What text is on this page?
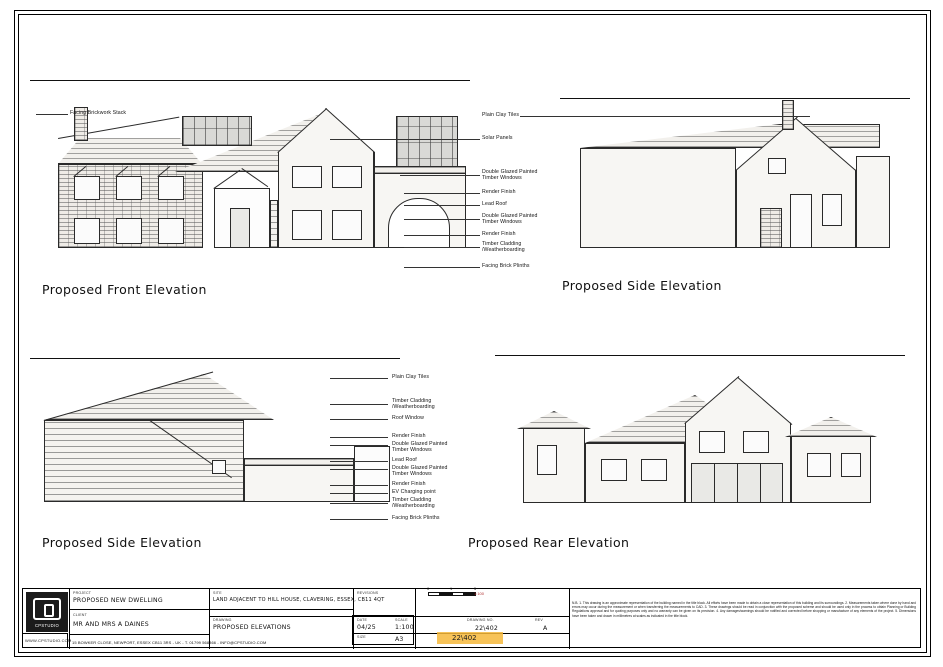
Facing Brickwork Stack
Solar Panels
Double Glazed Painted
Timber Windows
Render Finish
Lead Roof
Double Glazed Painted
Timber Windows
Render Finish
Timber Cladding
/Weatherboarding
Facing Brick Plinths
Proposed Front Elevation
Plain Clay Tiles
Proposed Side Elevation
Proposed Side Elevation
Plain Clay Tiles
Timber Cladding
/Weatherboarding
Roof Window
Render Finish
Double Glazed Painted
Timber Windows
Lead Roof
Double Glazed Painted
Timber Windows
Render Finish
EV Charging point
Timber Cladding
/Weatherboarding
Facing Brick Plinths
Proposed Rear Elevation
PROJECT
PROPOSED NEW DWELLING
CLIENT
MR AND MRS A DAINES
SITE
LAND ADJACENT TO HILL HOUSE, CLAVERING, ESSEX, CB11 4QT
DRAWING
PROPOSED ELEVATIONS
DATE
04/25
SCALE
1:100
SIZE	A3
DRAWING NO.
22\402
REV
A
REVISIONS
22\402
CPSTUDIO
WWW.CPSTUDIO.COM 15 BOWKER CLOSE, NEWPORT, ESSEX CB11 3RS - UK - T. 01799 568866 - INFO@CPSTUDIO.COM
N.B. 1. This drawing is an approximate representation of the building named in the title block. All efforts have been made to obtain a close representation of this building and its surroundings. 2. Measurements taken where done by hand and errors may occur during the measurement or when transferring the measurements to CAD. 3. These drawings should be read in conjunction with the proposed scheme and should be used only in the process to obtain Planning or Building Regulations approval and for quoting purposes only and no warranty can be given on its precision. 4. Any damages/warnings should be notified and corrected before shopping or manufacture of any elements of the project. 5. Dimensions have been taken and drawn in millimetres at scales as indicated in the title block.
0	1	5
1:100
